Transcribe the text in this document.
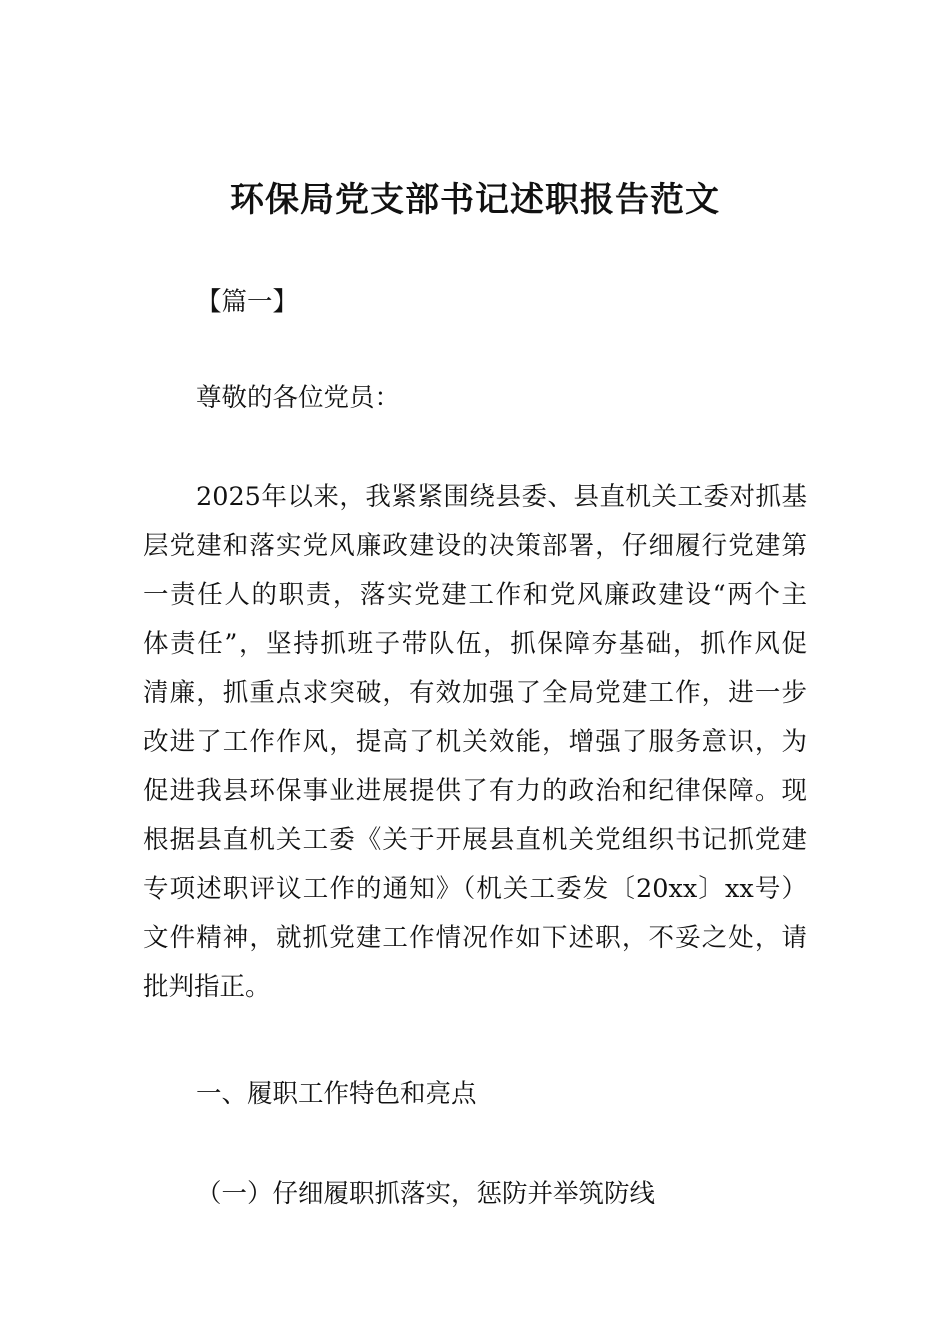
环保局党支部书记述职报告范文
【篇一】
尊敬的各位党员：
2025年以来，我紧紧围绕县委、县直机关工委对抓基
层党建和落实党风廉政建设的决策部署，仔细履行党建第
一责任人的职责，落实党建工作和党风廉政建设“两个主
体责任”，坚持抓班子带队伍，抓保障夯基础，抓作风促
清廉，抓重点求突破，有效加强了全局党建工作，进一步
改进了工作作风，提高了机关效能，增强了服务意识，为
促进我县环保事业进展提供了有力的政治和纪律保障。现
根据县直机关工委《关于开展县直机关党组织书记抓党建
专项述职评议工作的通知》（机关工委发〔20xx〕xx号）
文件精神，就抓党建工作情况作如下述职，不妥之处，请
批判指正。
一、履职工作特色和亮点
（一）仔细履职抓落实，惩防并举筑防线
